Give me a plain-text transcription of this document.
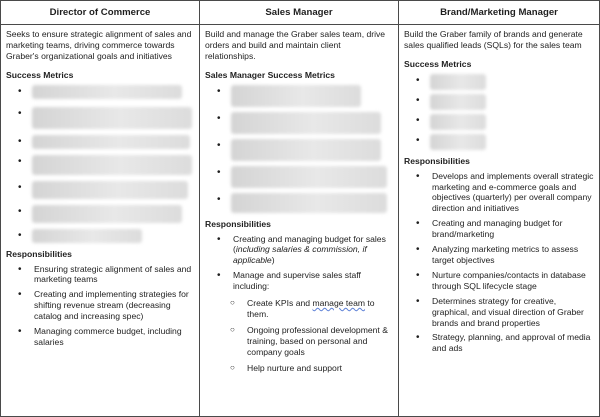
Director of Commerce	Sales Manager	Brand/Marketing Manager
Seeks to ensure strategic alignment of sales and marketing teams, driving commerce towards Graber's organizational goals and initiatives
Success Metrics
•
•
•
•
•
•
•
Responsibilities
• Ensuring strategic alignment of sales and marketing teams
• Creating and implementing strategies for shifting revenue stream (decreasing catalog and increasing spec)
• Managing commerce budget, including salaries
Build and manage the Graber sales team, drive orders and build and maintain client relationships.
Sales Manager Success Metrics
•
•
•
•
•
Responsibilities
• Creating and managing budget for sales (including salaries & commission, if applicable)
• Manage and supervise sales staff including:
○ Create KPIs and manage team to them.
○ Ongoing professional development & training, based on personal and company goals
○ Help nurture and support
Build the Graber family of brands and generate sales qualified leads (SQLs) for the sales team
Success Metrics
•
•
•
•
Responsibilities
• Develops and implements overall strategic marketing and e-commerce goals and objectives (quarterly) per overall company direction and initiatives
• Creating and managing budget for brand/marketing
• Analyzing marketing metrics to assess target objectives
• Nurture companies/contacts in database through SQL lifecycle stage
• Determines strategy for creative, graphical, and visual direction of Graber brands and brand properties
• Strategy, planning, and approval of media and ads
